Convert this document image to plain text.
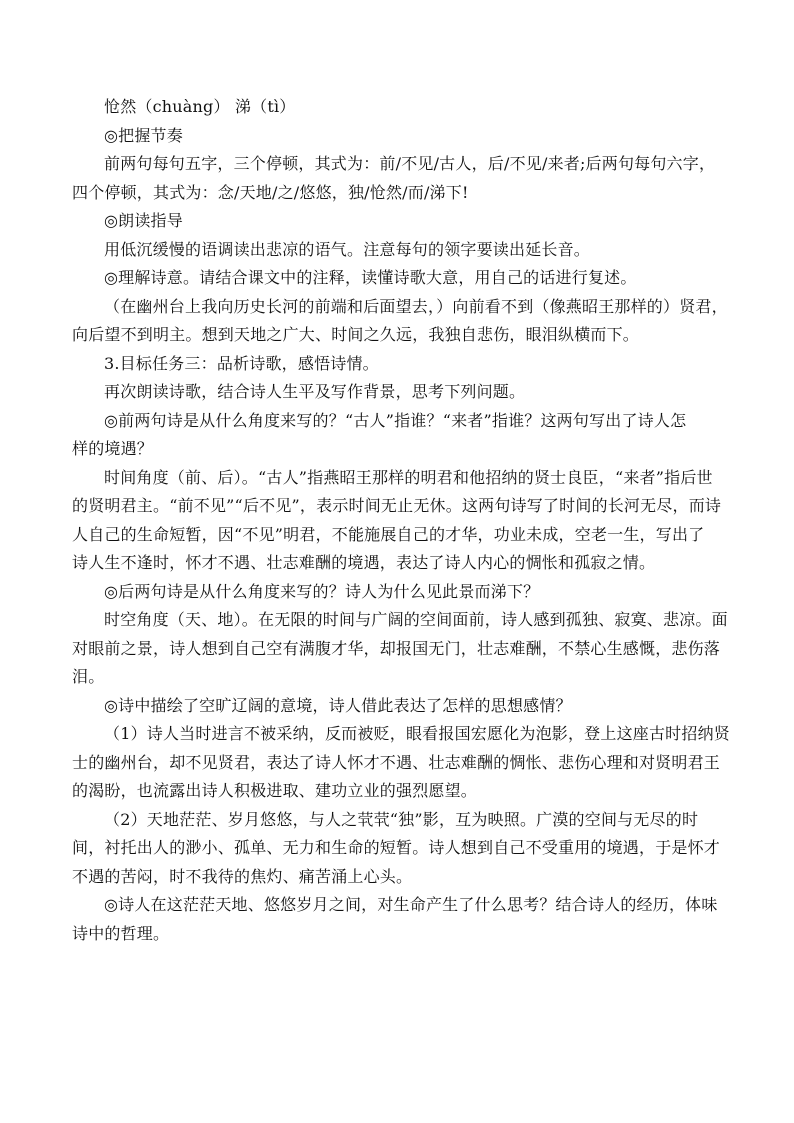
怆然（chuàng） 涕（tì）
◎把握节奏
前两句每句五字，三个停顿，其式为：前/不见/古人，后/不见/来者;后两句每句六字，
四个停顿，其式为：念/天地/之/悠悠，独/怆然/而/涕下!
◎朗读指导
用低沉缓慢的语调读出悲凉的语气。注意每句的领字要读出延长音。
◎理解诗意。请结合课文中的注释，读懂诗歌大意，用自己的话进行复述。
（在幽州台上我向历史长河的前端和后面望去，）向前看不到（像燕昭王那样的）贤君，
向后望不到明主。想到天地之广大、时间之久远，我独自悲伤，眼泪纵横而下。
3.目标任务三：品析诗歌，感悟诗情。
再次朗读诗歌，结合诗人生平及写作背景，思考下列问题。
◎前两句诗是从什么角度来写的？“古人”指谁？“来者”指谁？这两句写出了诗人怎
样的境遇？
时间角度（前、后）。“古人”指燕昭王那样的明君和他招纳的贤士良臣，“来者”指后世
的贤明君主。“前不见”“后不见”，表示时间无止无休。这两句诗写了时间的长河无尽，而诗
人自己的生命短暂，因“不见”明君，不能施展自己的才华，功业未成，空老一生，写出了
诗人生不逢时，怀才不遇、壮志难酬的境遇，表达了诗人内心的惆怅和孤寂之情。
◎后两句诗是从什么角度来写的？诗人为什么见此景而涕下？
时空角度（天、地）。在无限的时间与广阔的空间面前，诗人感到孤独、寂寞、悲凉。面
对眼前之景，诗人想到自己空有满腹才华，却报国无门，壮志难酬，不禁心生感慨，悲伤落
泪。
◎诗中描绘了空旷辽阔的意境，诗人借此表达了怎样的思想感情？
（1）诗人当时进言不被采纳，反而被贬，眼看报国宏愿化为泡影，登上这座古时招纳贤
士的幽州台，却不见贤君，表达了诗人怀才不遇、壮志难酬的惆怅、悲伤心理和对贤明君王
的渴盼，也流露出诗人积极进取、建功立业的强烈愿望。
（2）天地茫茫、岁月悠悠，与人之茕茕“独”影，互为映照。广漠的空间与无尽的时
间，衬托出人的渺小、孤单、无力和生命的短暂。诗人想到自己不受重用的境遇，于是怀才
不遇的苦闷，时不我待的焦灼、痛苦涌上心头。
◎诗人在这茫茫天地、悠悠岁月之间，对生命产生了什么思考？结合诗人的经历，体味
诗中的哲理。
